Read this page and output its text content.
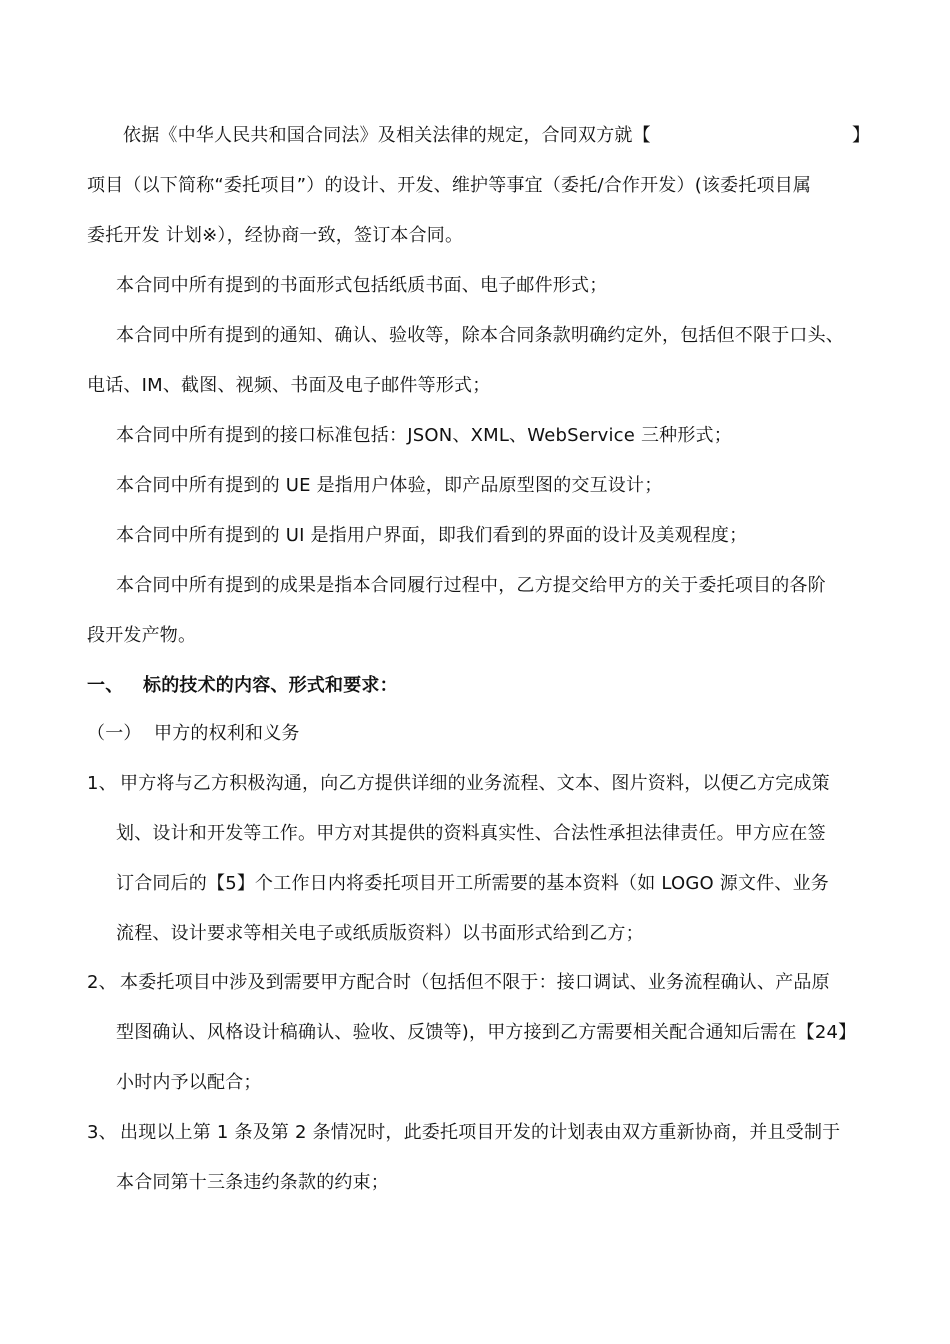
依据《中华人民共和国合同法》及相关法律的规定，合同双方就【	】
项目（以下简称“委托项目”）的设计、开发、维护等事宜（委托/合作开发）(该委托项目属
委托开发 计划※），经协商一致，签订本合同。
本合同中所有提到的书面形式包括纸质书面、电子邮件形式；
本合同中所有提到的通知、确认、验收等，除本合同条款明确约定外，包括但不限于口头、
电话、IM、截图、视频、书面及电子邮件等形式；
本合同中所有提到的接口标准包括：JSON、XML、WebService 三种形式；
本合同中所有提到的 UE 是指用户体验，即产品原型图的交互设计；
本合同中所有提到的 UI 是指用户界面，即我们看到的界面的设计及美观程度；
本合同中所有提到的成果是指本合同履行过程中，乙方提交给甲方的关于委托项目的各阶
段开发产物。
一、 标的技术的内容、形式和要求：
（一） 甲方的权利和义务
1、 甲方将与乙方积极沟通，向乙方提供详细的业务流程、文本、图片资料，以便乙方完成策
划、设计和开发等工作。甲方对其提供的资料真实性、合法性承担法律责任。甲方应在签
订合同后的【5】个工作日内将委托项目开工所需要的基本资料（如 LOGO 源文件、业务
流程、设计要求等相关电子或纸质版资料）以书面形式给到乙方；
2、 本委托项目中涉及到需要甲方配合时（包括但不限于：接口调试、业务流程确认、产品原
型图确认、风格设计稿确认、验收、反馈等)，甲方接到乙方需要相关配合通知后需在【24】
小时内予以配合；
3、 出现以上第 1 条及第 2 条情况时，此委托项目开发的计划表由双方重新协商，并且受制于
本合同第十三条违约条款的约束；
